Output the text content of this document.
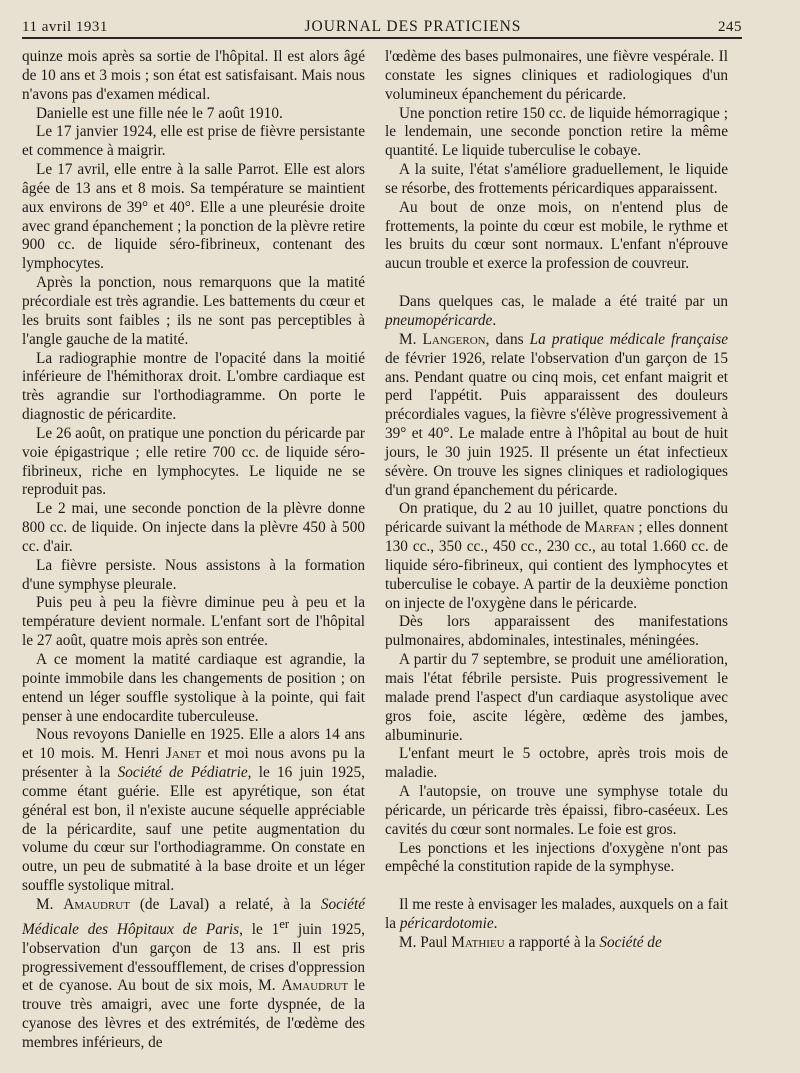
11 avril 1931	JOURNAL DES PRATICIENS	245

quinze mois après sa sortie de l'hôpital. Il est alors âgé de 10 ans et 3 mois ; son état est satisfaisant. Mais nous n'avons pas d'examen médical.

Danielle est une fille née le 7 août 1910.

Le 17 janvier 1924, elle est prise de fièvre persistante et commence à maigrir.

Le 17 avril, elle entre à la salle Parrot. Elle est alors âgée de 13 ans et 8 mois. Sa température se maintient aux environs de 39° et 40°. Elle a une pleurésie droite avec grand épanchement ; la ponction de la plèvre retire 900 cc. de liquide séro-fibrineux, contenant des lymphocytes.

Après la ponction, nous remarquons que la matité précordiale est très agrandie. Les battements du cœur et les bruits sont faibles ; ils ne sont pas perceptibles à l'angle gauche de la matité.

La radiographie montre de l'opacité dans la moitié inférieure de l'hémithorax droit. L'ombre cardiaque est très agrandie sur l'orthodiagramme. On porte le diagnostic de péricardite.

Le 26 août, on pratique une ponction du péricarde par voie épigastrique ; elle retire 700 cc. de liquide séro-fibrineux, riche en lymphocytes. Le liquide ne se reproduit pas.

Le 2 mai, une seconde ponction de la plèvre donne 800 cc. de liquide. On injecte dans la plèvre 450 à 500 cc. d'air.

La fièvre persiste. Nous assistons à la formation d'une symphyse pleurale.

Puis peu à peu la fièvre diminue peu à peu et la température devient normale. L'enfant sort de l'hôpital le 27 août, quatre mois après son entrée.

A ce moment la matité cardiaque est agrandie, la pointe immobile dans les changements de position ; on entend un léger souffle systolique à la pointe, qui fait penser à une endocardite tuberculeuse.

Nous revoyons Danielle en 1925. Elle a alors 14 ans et 10 mois. M. Henri Janet et moi nous avons pu la présenter à la Société de Pédiatrie, le 16 juin 1925, comme étant guérie. Elle est apyrétique, son état général est bon, il n'existe aucune séquelle appréciable de la péricardite, sauf une petite augmentation du volume du cœur sur l'orthodiagramme. On constate en outre, un peu de submatité à la base droite et un léger souffle systolique mitral.

M. Amaudrut (de Laval) a relaté, à la Société Médicale des Hôpitaux de Paris, le 1er juin 1925, l'observation d'un garçon de 13 ans. Il est pris progressivement d'essoufflement, de crises d'oppression et de cyanose. Au bout de six mois, M. Amaudrut le trouve très amaigri, avec une forte dyspnée, de la cyanose des lèvres et des extrémités, de l'œdème des membres inférieurs, de

l'œdème des bases pulmonaires, une fièvre vespérale. Il constate les signes cliniques et radiologiques d'un volumineux épanchement du péricarde.

Une ponction retire 150 cc. de liquide hémorragique ; le lendemain, une seconde ponction retire la même quantité. Le liquide tuberculise le cobaye.

A la suite, l'état s'améliore graduellement, le liquide se résorbe, des frottements péricardiques apparaissent.

Au bout de onze mois, on n'entend plus de frottements, la pointe du cœur est mobile, le rythme et les bruits du cœur sont normaux. L'enfant n'éprouve aucun trouble et exerce la profession de couvreur.

Dans quelques cas, le malade a été traité par un pneumopéricarde.

M. Langeron, dans La pratique médicale française de février 1926, relate l'observation d'un garçon de 15 ans. Pendant quatre ou cinq mois, cet enfant maigrit et perd l'appétit. Puis apparaissent des douleurs précordiales vagues, la fièvre s'élève progressivement à 39° et 40°. Le malade entre à l'hôpital au bout de huit jours, le 30 juin 1925. Il présente un état infectieux sévère. On trouve les signes cliniques et radiologiques d'un grand épanchement du péricarde.

On pratique, du 2 au 10 juillet, quatre ponctions du péricarde suivant la méthode de Marfan ; elles donnent 130 cc., 350 cc., 450 cc., 230 cc., au total 1.660 cc. de liquide séro-fibrineux, qui contient des lymphocytes et tuberculise le cobaye. A partir de la deuxième ponction on injecte de l'oxygène dans le péricarde.

Dès lors apparaissent des manifestations pulmonaires, abdominales, intestinales, méningées.

A partir du 7 septembre, se produit une amélioration, mais l'état fébrile persiste. Puis progressivement le malade prend l'aspect d'un cardiaque asystolique avec gros foie, ascite légère, œdème des jambes, albuminurie.

L'enfant meurt le 5 octobre, après trois mois de maladie.

A l'autopsie, on trouve une symphyse totale du péricarde, un péricarde très épaissi, fibro-caséeux. Les cavités du cœur sont normales. Le foie est gros.

Les ponctions et les injections d'oxygène n'ont pas empêché la constitution rapide de la symphyse.

Il me reste à envisager les malades, auxquels on a fait la péricardotomie.

M. Paul Mathieu a rapporté à la Société de
